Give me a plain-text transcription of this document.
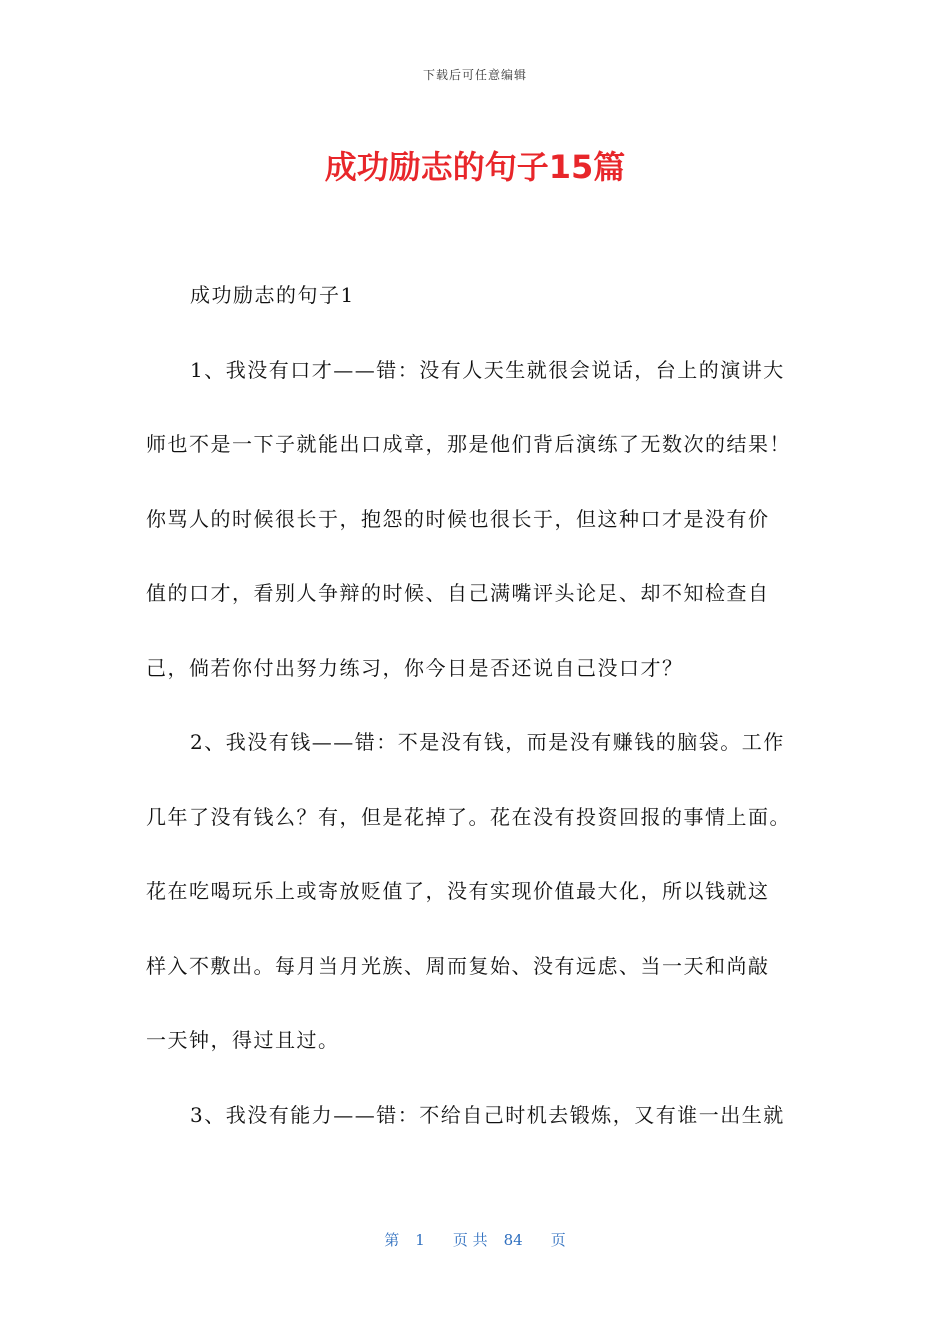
下载后可任意编辑
成功励志的句子15篇
成功励志的句子1
1、我没有口才——错：没有人天生就很会说话，台上的演讲大
师也不是一下子就能出口成章，那是他们背后演练了无数次的结果！
你骂人的时候很长于，抱怨的时候也很长于，但这种口才是没有价
值的口才，看别人争辩的时候、自己满嘴评头论足、却不知检查自
己，倘若你付出努力练习，你今日是否还说自己没口才？
2、我没有钱——错：不是没有钱，而是没有赚钱的脑袋。工作
几年了没有钱么？有，但是花掉了。花在没有投资回报的事情上面。
花在吃喝玩乐上或寄放贬值了，没有实现价值最大化，所以钱就这
样入不敷出。每月当月光族、周而复始、没有远虑、当一天和尚敲
一天钟，得过且过。
3、我没有能力——错：不给自己时机去锻炼，又有谁一出生就
第 1 页 共 84 页
